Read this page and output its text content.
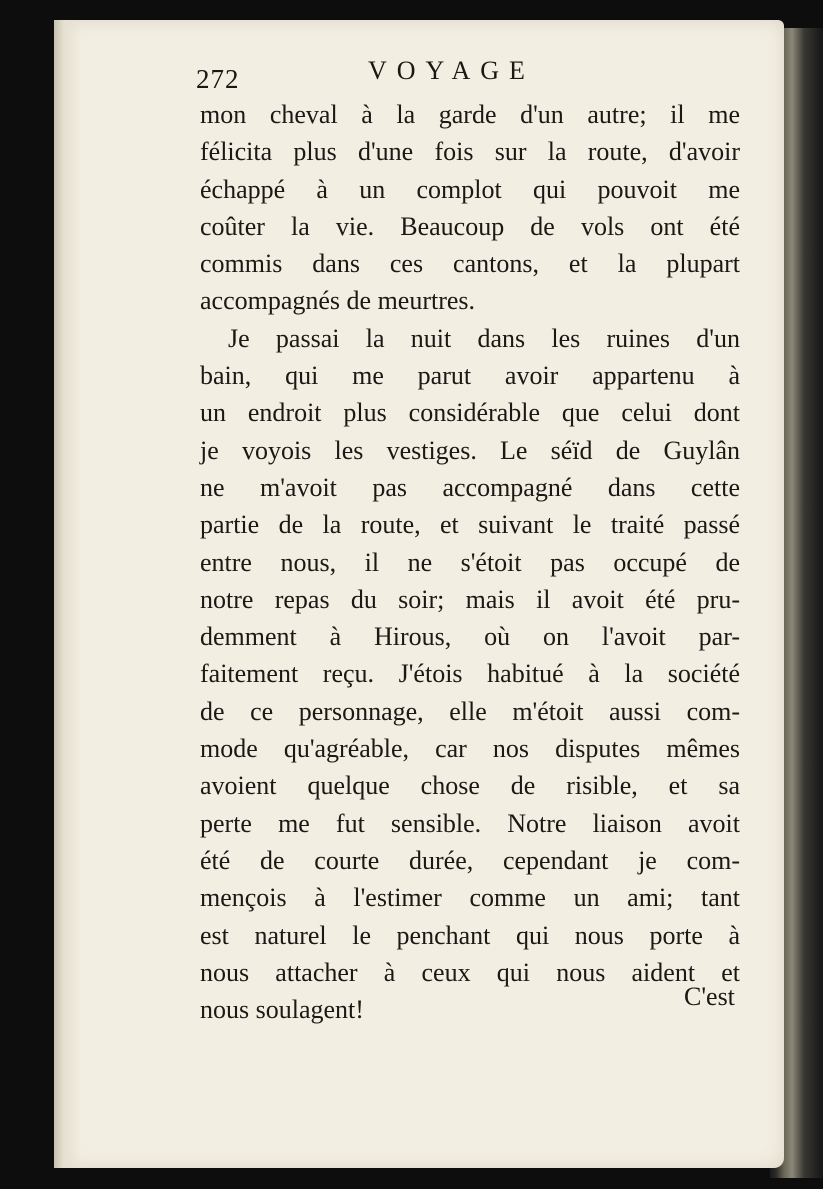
272	VOYAGE
mon cheval à la garde d'un autre; il me
félicita plus d'une fois sur la route, d'avoir
échappé à un complot qui pouvoit me
coûter la vie. Beaucoup de vols ont été
commis dans ces cantons, et la plupart
accompagnés de meurtres.
Je passai la nuit dans les ruines d'un
bain, qui me parut avoir appartenu à
un endroit plus considérable que celui dont
je voyois les vestiges. Le séïd de Guylân
ne m'avoit pas accompagné dans cette
partie de la route, et suivant le traité passé
entre nous, il ne s'étoit pas occupé de
notre repas du soir; mais il avoit été pru-
demment à Hirous, où on l'avoit par-
faitement reçu. J'étois habitué à la société
de ce personnage, elle m'étoit aussi com-
mode qu'agréable, car nos disputes mêmes
avoient quelque chose de risible, et sa
perte me fut sensible. Notre liaison avoit
été de courte durée, cependant je com-
mençois à l'estimer comme un ami; tant
est naturel le penchant qui nous porte à
nous attacher à ceux qui nous aident et
nous soulagent!	C'est
